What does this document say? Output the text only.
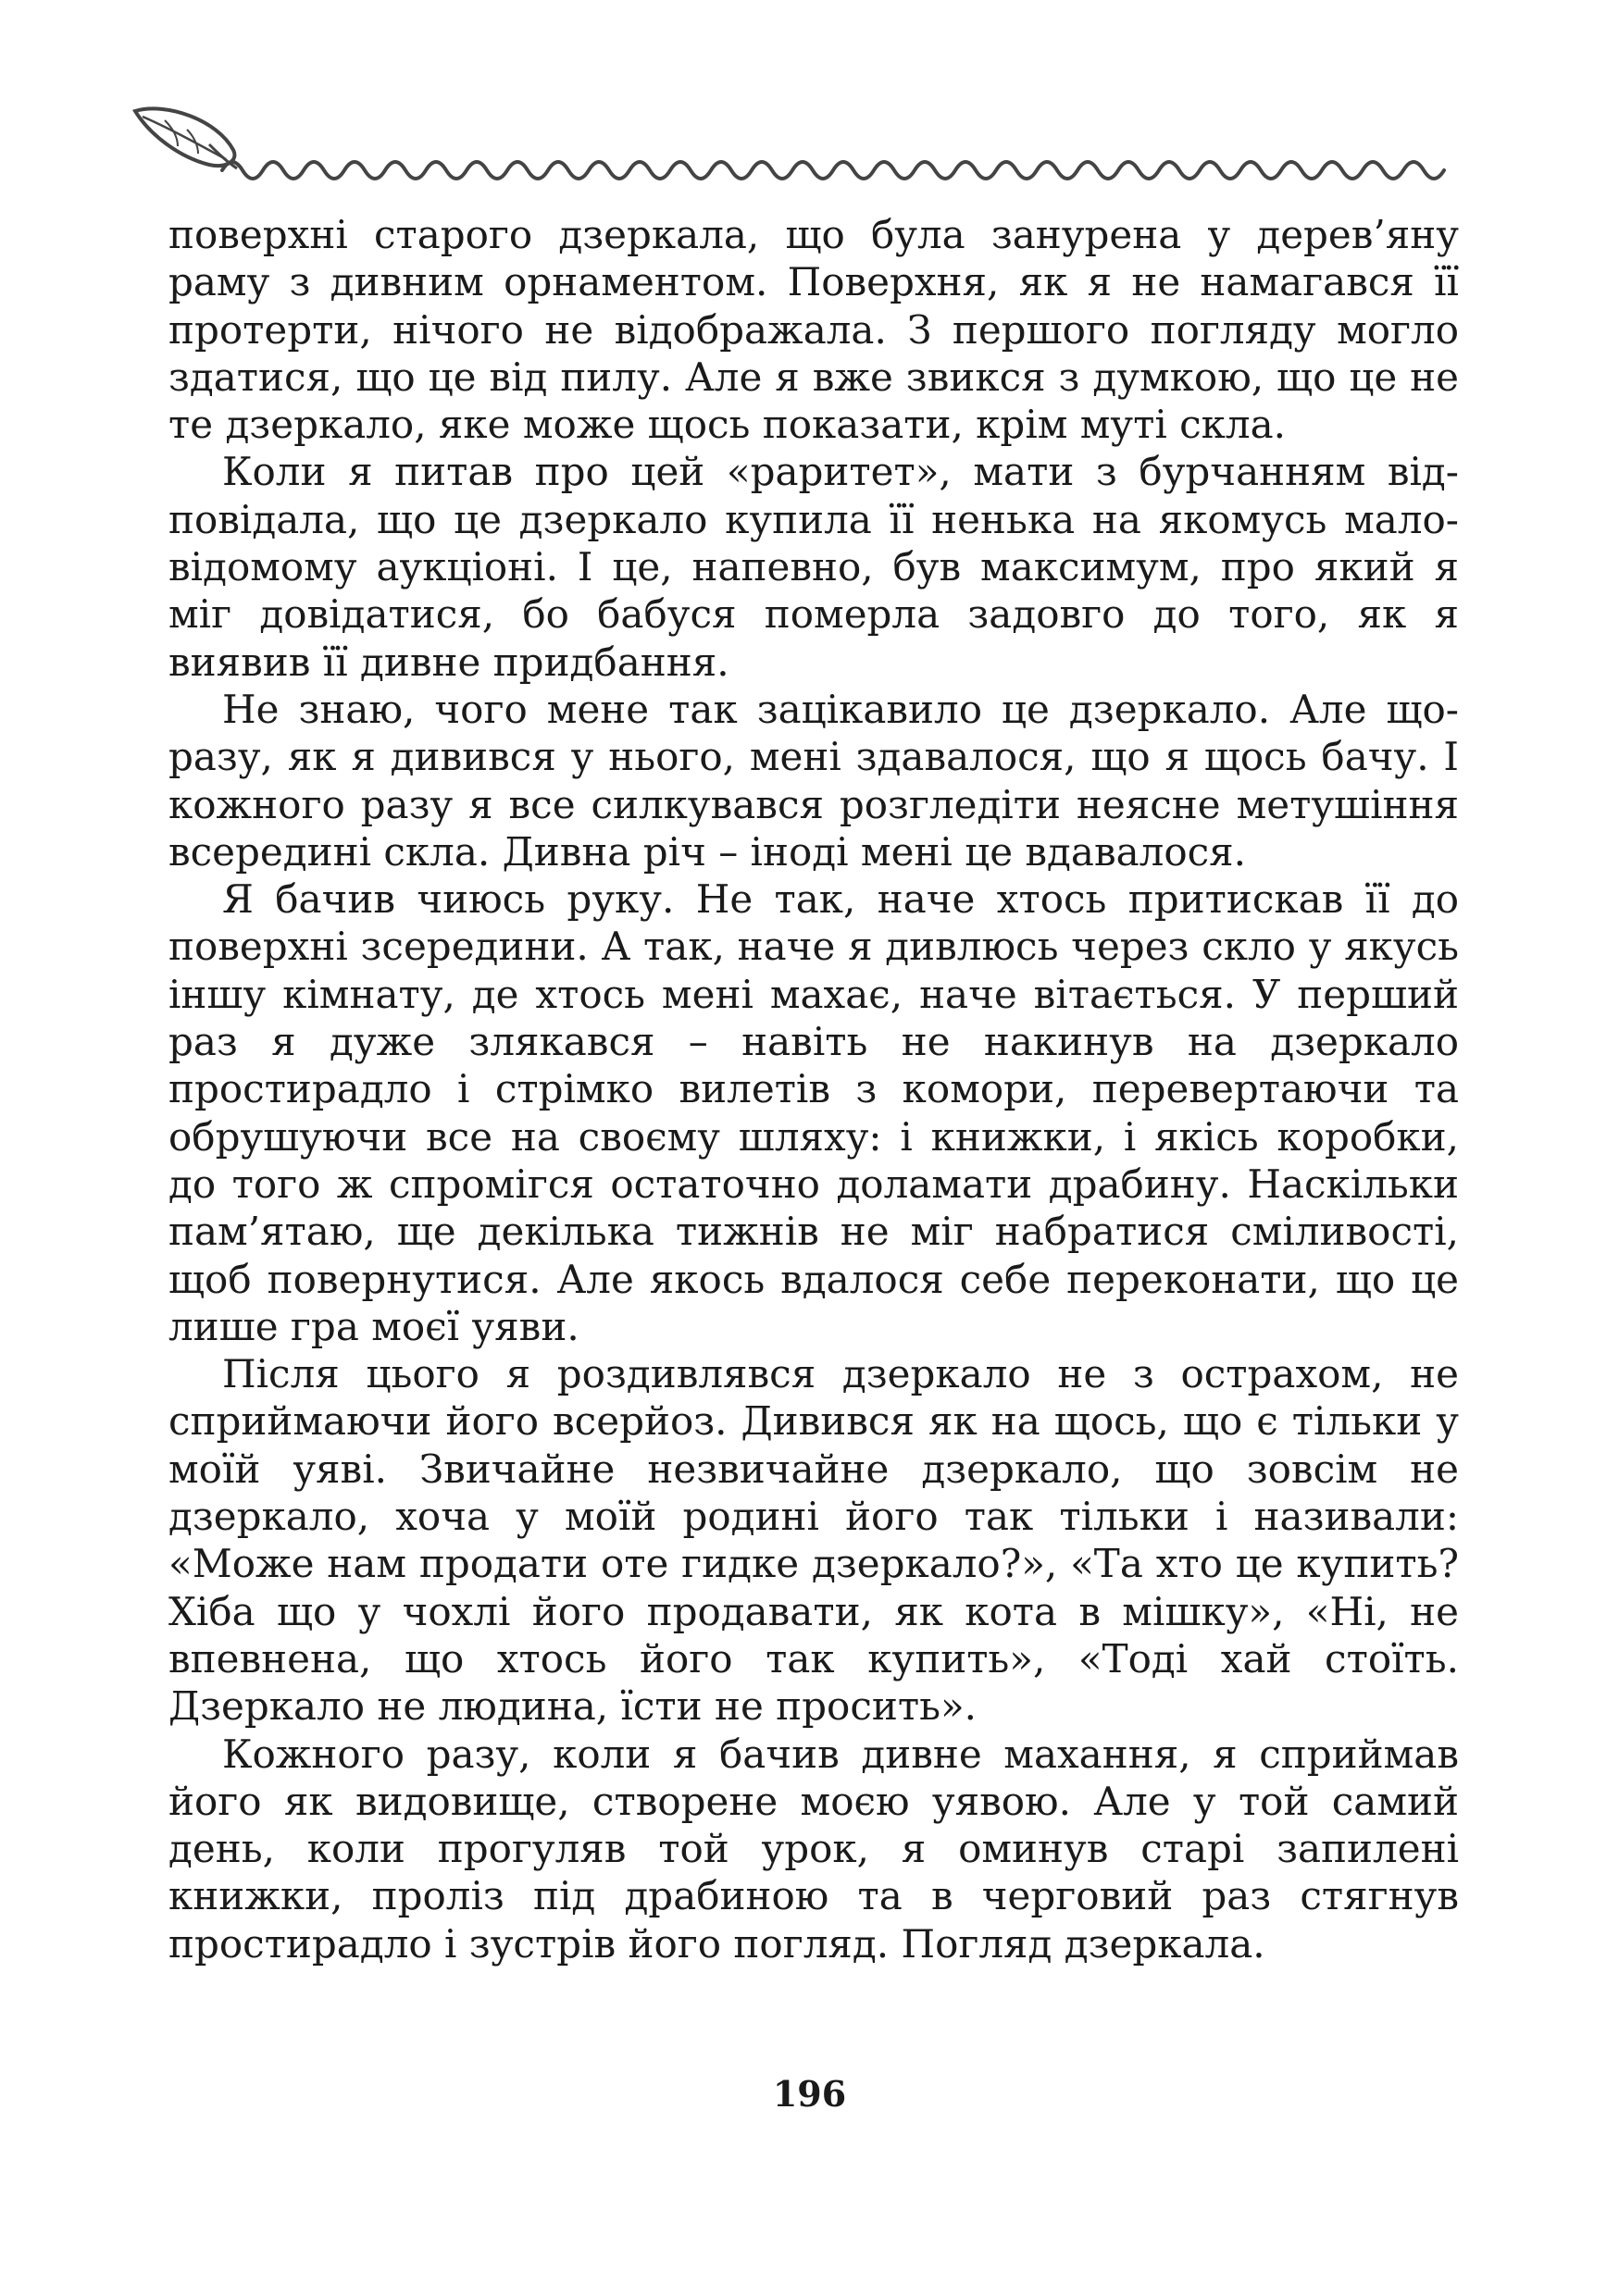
поверхні старого дзеркала, що була занурена у дерев’яну раму з дивним орнаментом. Поверхня, як я не намагався її протерти, нічого не відображала. З першого погляду могло здатися, що це від пилу. Але я вже звикся з думкою, що це не те дзеркало, яке може щось показати, крім муті скла.

Коли я питав про цей «раритет», мати з бурчанням відповідала, що це дзеркало купила її ненька на якомусь маловідомому аукціоні. І це, напевно, був максимум, про який я міг довідатися, бо бабуся померла задовго до того, як я виявив її дивне придбання.

Не знаю, чого мене так зацікавило це дзеркало. Але щоразу, як я дивився у нього, мені здавалося, що я щось бачу. І кожного разу я все силкувався розгледіти неясне метушіння всередині скла. Дивна річ – іноді мені це вдавалося.

Я бачив чиюсь руку. Не так, наче хтось притискав її до поверхні зсередини. А так, наче я дивлюсь через скло у якусь іншу кімнату, де хтось мені махає, наче вітається. У перший раз я дуже злякався – навіть не накинув на дзеркало простирадло і стрімко вилетів з комори, перевертаючи та обрушуючи все на своєму шляху: і книжки, і якісь коробки, до того ж спромігся остаточно доламати драбину. Наскільки пам’ятаю, ще декілька тижнів не міг набратися сміливості, щоб повернутися. Але якось вдалося себе переконати, що це лише гра моєї уяви.

Після цього я роздивлявся дзеркало не з острахом, не сприймаючи його всерйоз. Дивився як на щось, що є тільки у моїй уяві. Звичайне незвичайне дзеркало, що зовсім не дзеркало, хоча у моїй родині його так тільки і називaли: «Може нам продати оте гидке дзеркало?», «Та хто це купить? Хіба що у чохлі його продавати, як кота в мішку», «Ні, не впевнена, що хтось його так купить», «Тоді хай стоїть. Дзеркало не людина, їсти не просить».

Кожного разу, коли я бачив дивне махання, я сприймав його як видовище, створене моєю уявою. Але у той самий день, коли прогуляв той урок, я оминув старі запилені книжки, проліз під драбиною та в черговий раз стягнув простирадло і зустрів його погляд. Погляд дзеркала.

196
